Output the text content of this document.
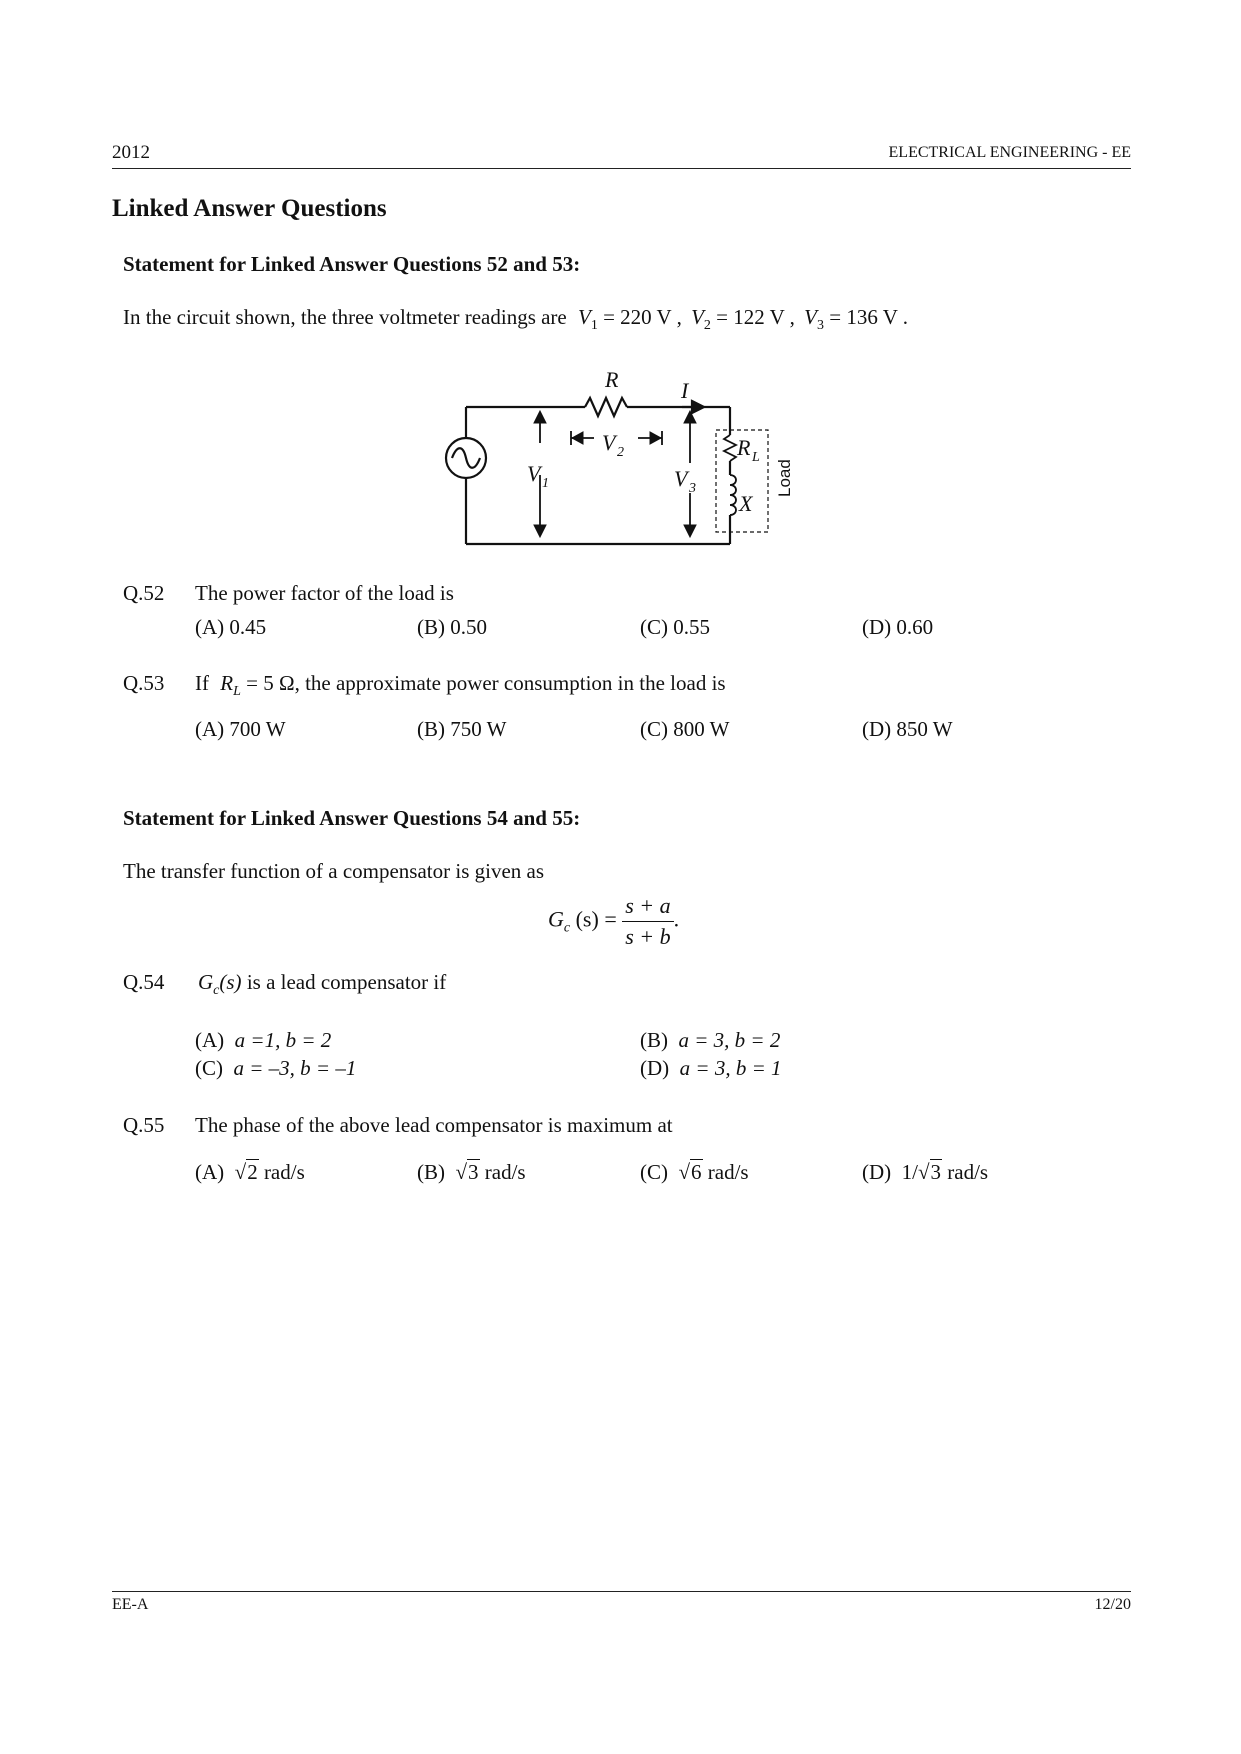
2012	ELECTRICAL ENGINEERING - EE
Linked Answer Questions
Statement for Linked Answer Questions 52 and 53:
In the circuit shown, the three voltmeter readings are $V_1 = 220$ V , $V_2 = 122$ V , $V_3 = 136$ V .
R	I
V 1
V 2
V 3
R L
X
Load
Q.52 The power factor of the load is
(A) 0.45	(B) 0.50	(C) 0.55	(D) 0.60
Q.53 If $R_L = 5$ Ω, the approximate power consumption in the load is
(A) 700 W	(B) 750 W	(C) 800 W	(D) 850 W
Statement for Linked Answer Questions 54 and 55:
The transfer function of a compensator is given as
$G_c$ $(s) = \frac{s + a}{s + b}$ .
Q.54 $G_c(s)$ is a lead compensator if
(A) a =1, b = 2	(B) a = 3, b = 2
(C) a = –3, b = –1	(D) a = 3, b = 1
Q.55 The phase of the above lead compensator is maximum at
(A) √2 rad/s	(B) √3 rad/s	(C) √6 rad/s	(D) 1/√3 rad/s
EE-A	12/20
